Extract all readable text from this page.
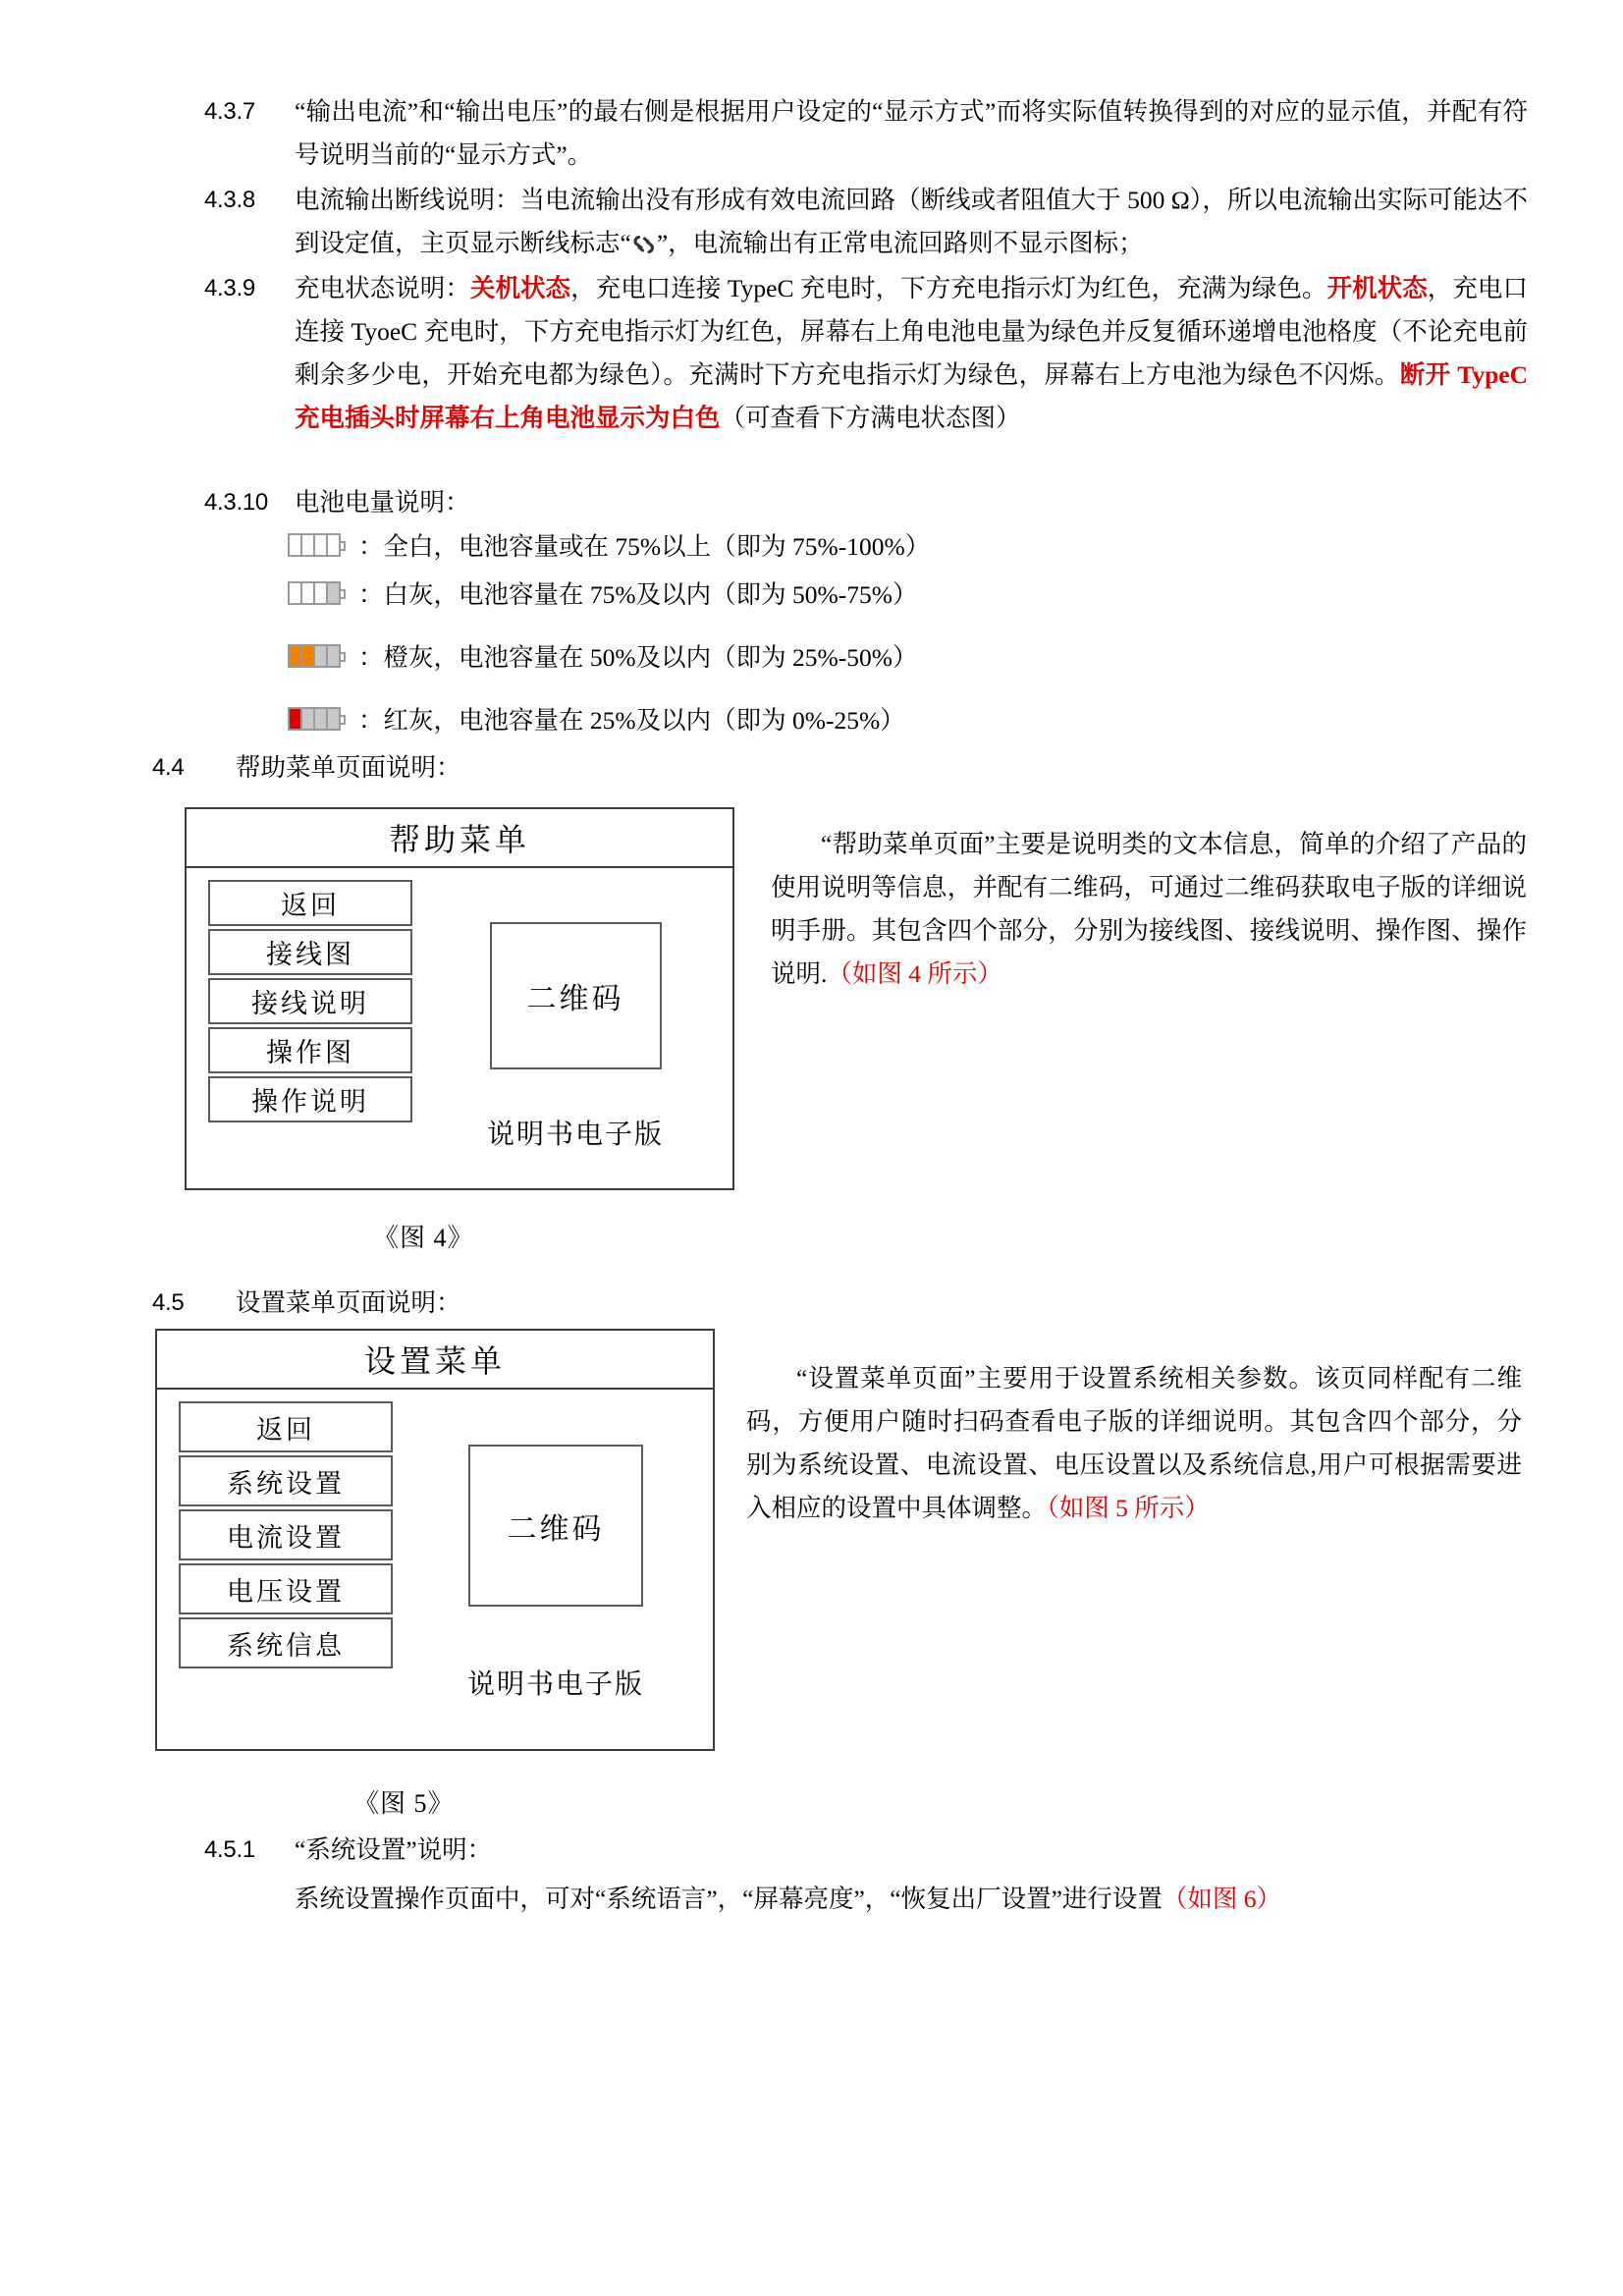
4.3.7	“输出电流”和“输出电压”的最右侧是根据用户设定的“显示方式”而将实际值转换得到的对应的显示值，并配有符号说明当前的“显示方式”。
4.3.8	电流输出断线说明：当电流输出没有形成有效电流回路（断线或者阻值大于 500 Ω），所以电流输出实际可能达不到设定值，主页显示断线标志“ ”，电流输出有正常电流回路则不显示图标；
4.3.9	充电状态说明：关机状态，充电口连接 TypeC 充电时，下方充电指示灯为红色，充满为绿色。开机状态，充电口连接 TyoeC 充电时，下方充电指示灯为红色，屏幕右上角电池电量为绿色并反复循环递增电池格度（不论充电前剩余多少电，开始充电都为绿色）。充满时下方充电指示灯为绿色，屏幕右上方电池为绿色不闪烁。断开 TypeC 充电插头时屏幕右上角电池显示为白色（可查看下方满电状态图）
4.3.10	电池电量说明：
：全白，电池容量或在 75%以上（即为 75%-100%）
：白灰，电池容量在 75%及以内（即为 50%-75%）
：橙灰，电池容量在 50%及以内（即为 25%-50%）
：红灰，电池容量在 25%及以内（即为 0%-25%）
4.4	帮助菜单页面说明：
帮助菜单
返回
接线图
接线说明
操作图
操作说明
二维码
说明书电子版
“帮助菜单页面”主要是说明类的文本信息，简单的介绍了产品的使用说明等信息，并配有二维码，可通过二维码获取电子版的详细说明手册。其包含四个部分，分别为接线图、接线说明、操作图、操作说明.（如图 4 所示）
《图 4》
4.5	设置菜单页面说明：
设置菜单
返回
系统设置
电流设置
电压设置
系统信息
二维码
说明书电子版
“设置菜单页面”主要用于设置系统相关参数。该页同样配有二维码，方便用户随时扫码查看电子版的详细说明。其包含四个部分，分别为系统设置、电流设置、电压设置以及系统信息,用户可根据需要进入相应的设置中具体调整。（如图 5 所示）
《图 5》
4.5.1	“系统设置”说明：
系统设置操作页面中，可对“系统语言”，“屏幕亮度”，“恢复出厂设置”进行设置（如图 6）
